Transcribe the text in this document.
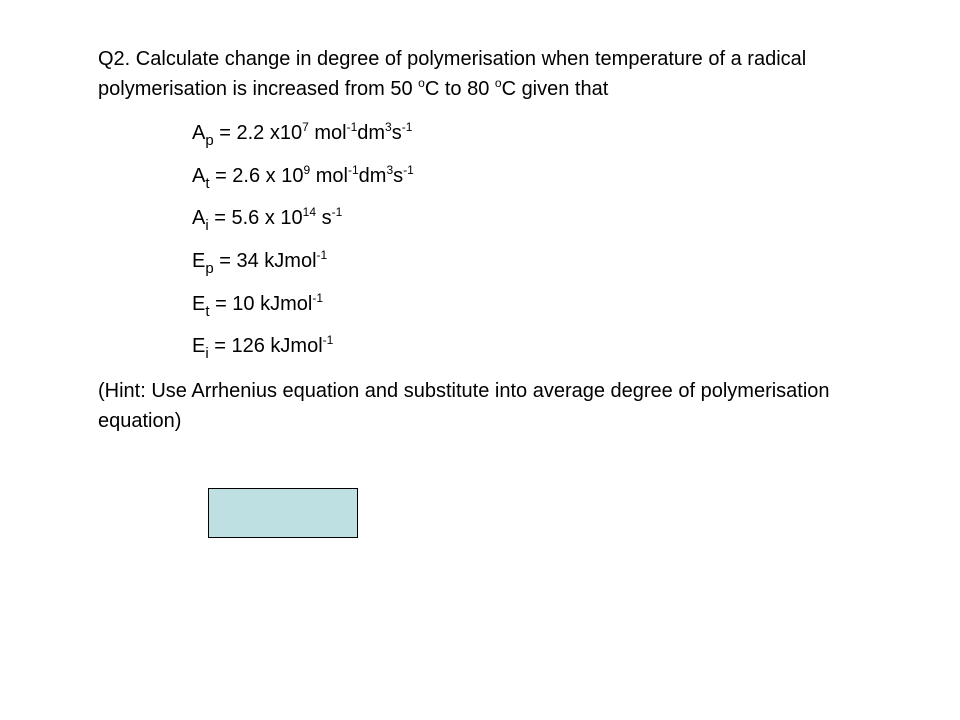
Q2. Calculate change in degree of polymerisation when temperature of a radical polymerisation is increased from 50 $^o$C to 80 $^o$C given that

$A_p = 2.2$ $x10^7$ $mol^{-1}dm^3s^{-1}$
$A_t = 2.6$ x $10^9$ $mol^{-1}dm^3s^{-1}$
$A_i = 5.6$ x $10^{14}$ $s^{-1}$
$E_p = 34$ kJmol$^{-1}$
$E_t = 10$ kJmol$^{-1}$
$E_i = 126$ kJmol$^{-1}$

(Hint: Use Arrhenius equation and substitute into average degree of polymerisation equation)
